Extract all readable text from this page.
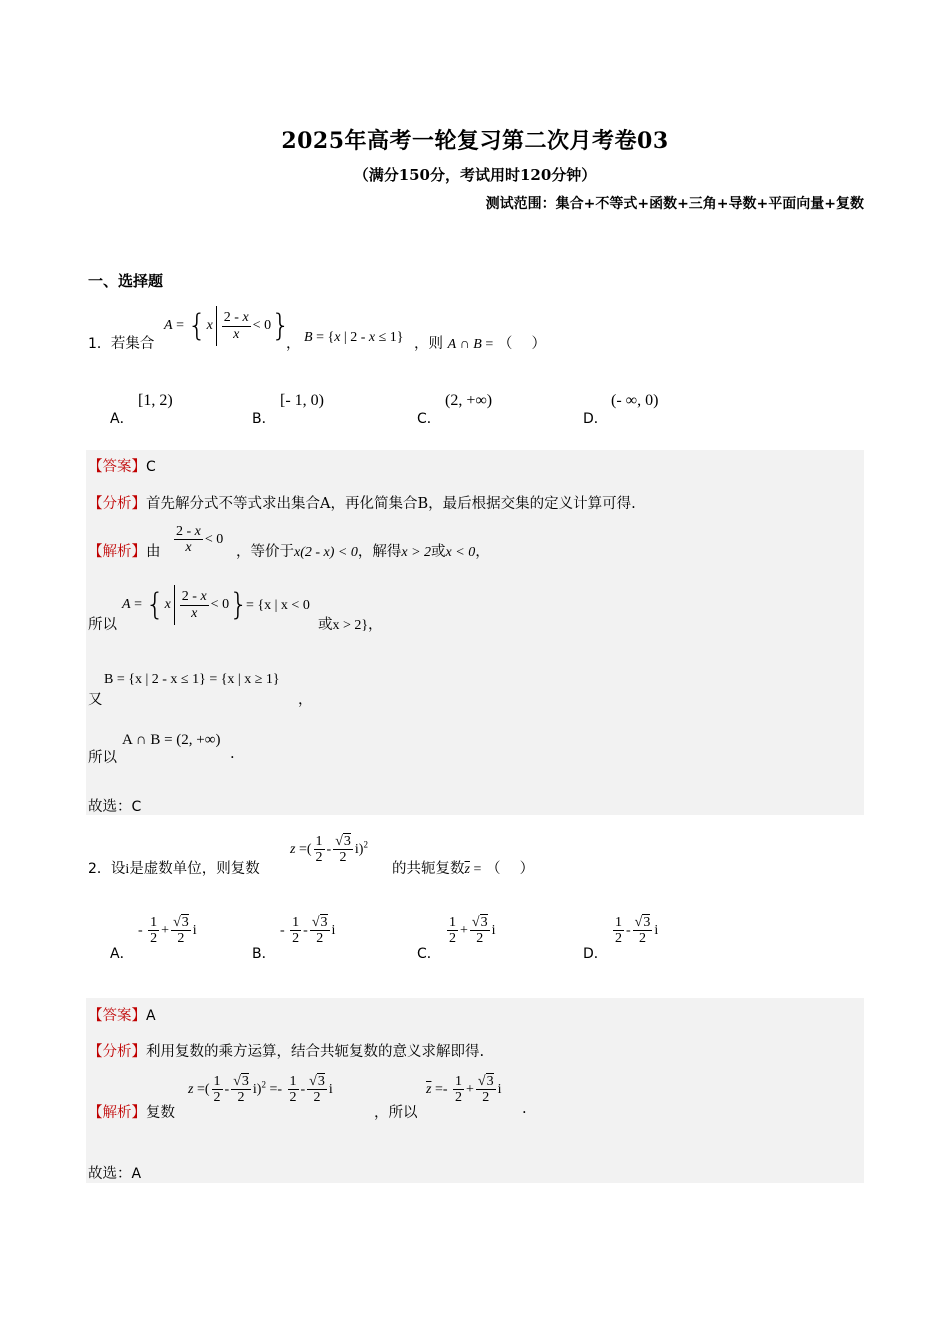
2025年高考一轮复习第二次月考卷03
（满分150分，考试用时120分钟）
测试范围：集合+不等式+函数+三角+导数+平面向量+复数
一、选择题
1．若集合
$A = \{x \frac{2 - x}{x} < 0\}$
， B = {x | 2 - x ≤ 1} ，则 A ∩ B = （　 ）
A．
[1, 2)
B．
[- 1, 0)
C．
(2, +∞)
D．
(- ∞, 0)
【答案】C
【分析】首先解分式不等式求出集合A，再化简集合B，最后根据交集的定义计算可得.
【解析】由 $\frac{2 - x}{x} < 0$
，等价于x(2 - x) < 0，解得x > 2或x < 0，
所以
$A = \{x \frac{2 - x}{x} < 0\}$
= {x | x < 0
或x > 2}，
又
B = {x | 2 - x ≤ 1} = {x | x ≥ 1}
，
所以
A ∩ B = (2, +∞)
.
故选：C
2．设i是虚数单位，则复数
z =( $\frac{1}{2} - \frac{√3}{2} i)^2$
的共轭复数$\overline{z}$ = （　 ）
A．
- $\frac{1}{2} + \frac{√3}{2}$ i
B．
- $\frac{1}{2} - \frac{√3}{2}$ i
C．
$\frac{1}{2} + \frac{√3}{2}$ i
D．
$\frac{1}{2} - \frac{√3}{2}$ i
【答案】A
【分析】利用复数的乘方运算，结合共轭复数的意义求解即得.
【解析】复数
z =( $\frac{1}{2} - \frac{√3}{2} i)^2 =- \frac{1}{2} - \frac{√3}{2}$ i
，所以
$\overline{z} =- \frac{1}{2} + \frac{√3}{2}$ i
.
故选：A
